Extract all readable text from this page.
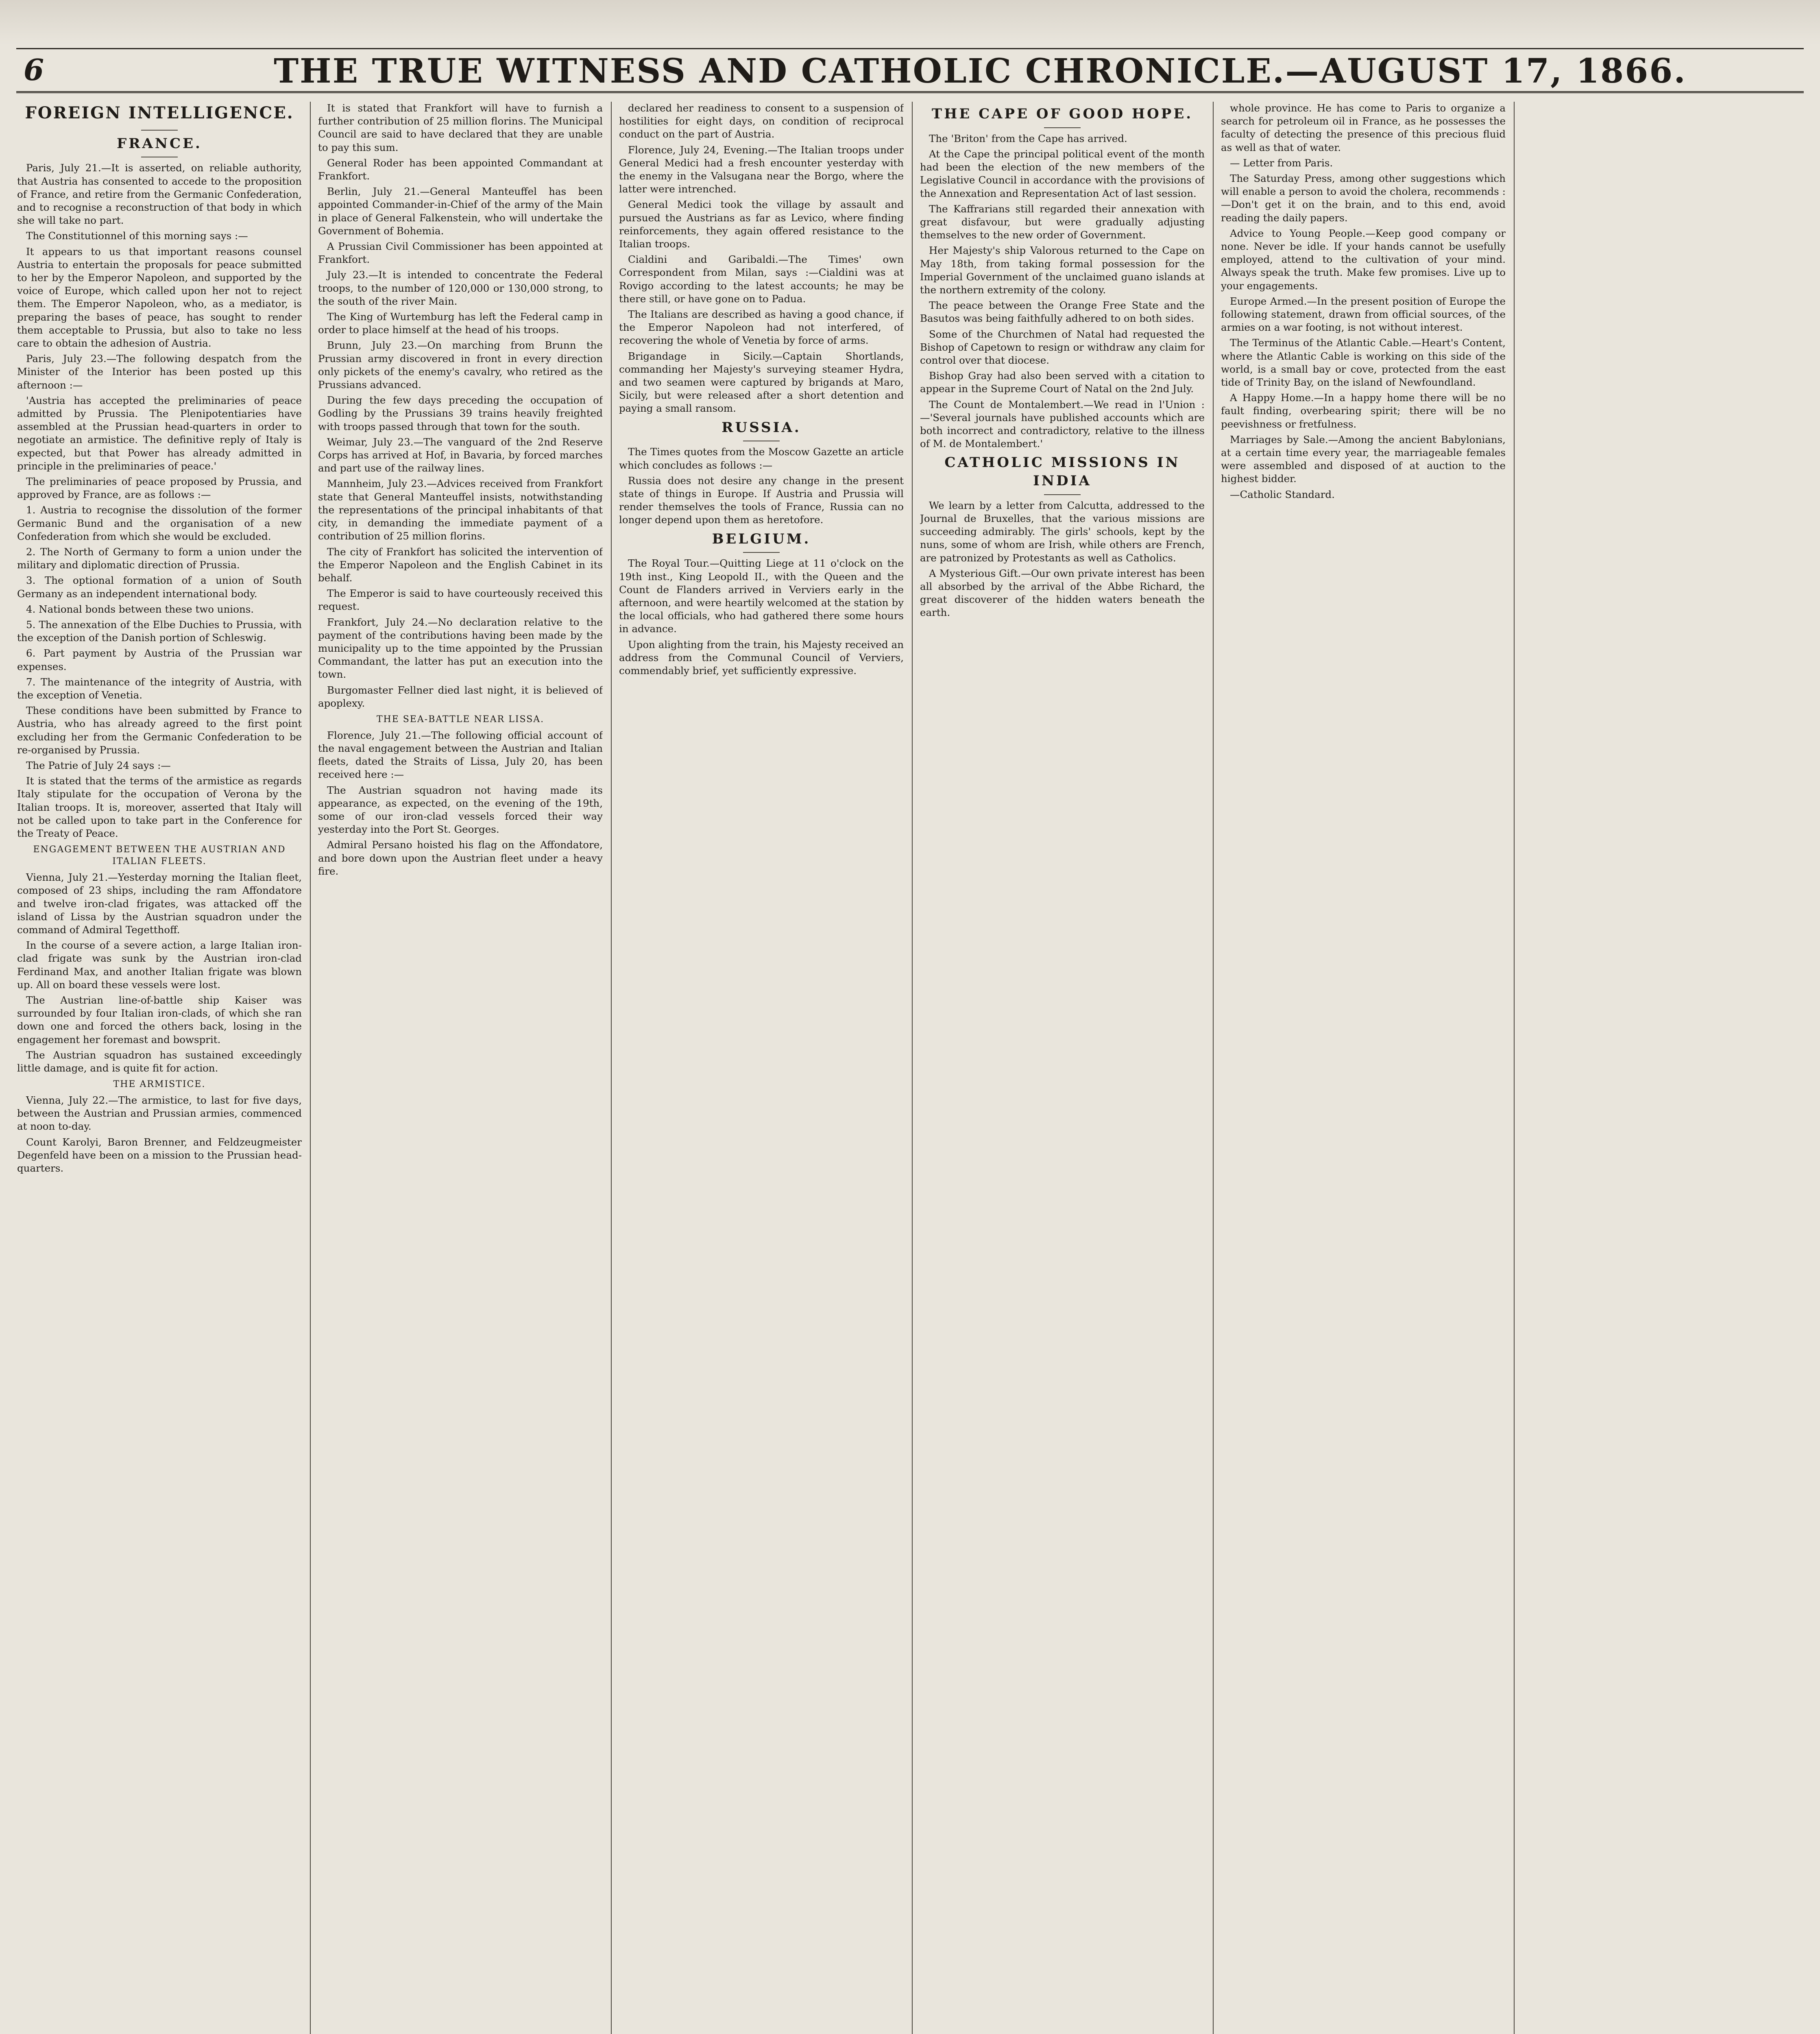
6	THE TRUE WITNESS AND CATHOLIC CHRONICLE.—AUGUST 17, 1866.
FOREIGN INTELLIGENCE.
FRANCE.

Paris, July 21.—It is asserted, on reliable authority, that Austria has consented to accede to the proposition of France, and retire from the Germanic Confederation, and to recognise a reconstruction of that body in which she will take no part.

The Constitutionnel of this morning says :—

It appears to us that important reasons counsel Austria to entertain the proposals for peace submitted to her by the Emperor Napoleon, and supported by the voice of Europe, which called upon her not to reject them. The Emperor Napoleon, who, as a mediator, is preparing the bases of peace, has sought to render them acceptable to Prussia, but also to take no less care to obtain the adhesion of Austria.

Paris, July 23.—The following despatch from the Minister of the Interior has been posted up this afternoon :—

'Austria has accepted the preliminaries of peace admitted by Prussia. The Plenipotentiaries have assembled at the Prussian head-quarters in order to negotiate an armistice. The definitive reply of Italy is expected, but that Power has already admitted in principle in the preliminaries of peace.'

The preliminaries of peace proposed by Prussia, and approved by France, are as follows :—

1. Austria to recognise the dissolution of the former Germanic Bund and the organisation of a new Confederation from which she would be excluded.

2. The North of Germany to form a union under the military and diplomatic direction of Prussia.

3. The optional formation of a union of South Germany as an independent international body.

4. National bonds between these two unions.

5. The annexation of the Elbe Duchies to Prussia, with the exception of the Danish portion of Schleswig.

6. Part payment by Austria of the Prussian war expenses.

7. The maintenance of the integrity of Austria, with the exception of Venetia.

These conditions have been submitted by France to Austria, who has already agreed to the first point excluding her from the Germanic Confederation to be re-organised by Prussia.

The Patrie of July 24 says :—

It is stated that the terms of the armistice as regards Italy stipulate for the occupation of Verona by the Italian troops. It is, moreover, asserted that Italy will not be called upon to take part in the Conference for the Treaty of Peace.

ENGAGEMENT BETWEEN THE AUSTRIAN AND ITALIAN FLEETS.

Vienna, July 21.—Yesterday morning the Italian fleet, composed of 23 ships, including the ram Affondatore and twelve iron-clad frigates, was attacked off the island of Lissa by the Austrian squadron under the command of Admiral Tegetthoff.

In the course of a severe action, a large Italian iron-clad frigate was sunk by the Austrian iron-clad Ferdinand Max, and another Italian frigate was blown up. All on board these vessels were lost.

The Austrian line-of-battle ship Kaiser was surrounded by four Italian iron-clads, of which she ran down one and forced the others back, losing in the engagement her foremast and bowsprit.

The Austrian squadron has sustained exceedingly little damage, and is quite fit for action.

THE ARMISTICE.

Vienna, July 22.—The armistice, to last for five days, between the Austrian and Prussian armies, commenced at noon to-day.

Count Karolyi, Baron Brenner, and Feldzeugmeister Degenfeld have been on a mission to the Prussian head-quarters.

It is stated that Frankfort will have to furnish a further contribution of 25 million florins. The Municipal Council are said to have declared that they are unable to pay this sum.

General Roder has been appointed Commandant at Frankfort.

Berlin, July 21.—General Manteuffel has been appointed Commander-in-Chief of the army of the Main in place of General Falkenstein, who will undertake the Government of Bohemia.

A Prussian Civil Commissioner has been appointed at Frankfort.

July 23.—It is intended to concentrate the Federal troops, to the number of 120,000 or 130,000 strong, to the south of the river Main.

The King of Wurtemburg has left the Federal camp in order to place himself at the head of his troops.

Brunn, July 23.—On marching from Brunn the Prussian army discovered in front in every direction only pickets of the enemy's cavalry, who retired as the Prussians advanced.

During the few days preceding the occupation of Godling by the Prussians 39 trains heavily freighted with troops passed through that town for the south.

Weimar, July 23.—The vanguard of the 2nd Reserve Corps has arrived at Hof, in Bavaria, by forced marches and part use of the railway lines.

Mannheim, July 23.—Advices received from Frankfort state that General Manteuffel insists, notwithstanding the representations of the principal inhabitants of that city, in demanding the immediate payment of a contribution of 25 million florins.

The city of Frankfort has solicited the intervention of the Emperor Napoleon and the English Cabinet in its behalf.

The Emperor is said to have courteously received this request.

Frankfort, July 24.—No declaration relative to the payment of the contributions having been made by the municipality up to the time appointed by the Prussian Commandant, the latter has put an execution into the town.

Burgomaster Fellner died last night, it is believed of apoplexy.

THE SEA-BATTLE NEAR LISSA.

Florence, July 21.—The following official account of the naval engagement between the Austrian and Italian fleets, dated the Straits of Lissa, July 20, has been received here :—

The Austrian squadron not having made its appearance, as expected, on the evening of the 19th, some of our iron-clad vessels forced their way yesterday into the Port St. Georges.

Admiral Persano hoisted his flag on the Affondatore, and bore down upon the Austrian fleet under a heavy fire.

declared her readiness to consent to a suspension of hostilities for eight days, on condition of reciprocal conduct on the part of Austria.

Florence, July 24, Evening.—The Italian troops under General Medici had a fresh encounter yesterday with the enemy in the Valsugana near the Borgo, where the latter were intrenched.

General Medici took the village by assault and pursued the Austrians as far as Levico, where finding reinforcements, they again offered resistance to the Italian troops.

Cialdini and Garibaldi.—The Times' own Correspondent from Milan, says :—Cialdini was at Rovigo according to the latest accounts; he may be there still, or have gone on to Padua.

The Italians are described as having a good chance, if the Emperor Napoleon had not interfered, of recovering the whole of Venetia by force of arms.

Brigandage in Sicily.—Captain Shortlands, commanding her Majesty's surveying steamer Hydra, and two seamen were captured by brigands at Maro, Sicily, but were released after a short detention and paying a small ransom.

RUSSIA.

The Times quotes from the Moscow Gazette an article which concludes as follows :—

Russia does not desire any change in the present state of things in Europe. If Austria and Prussia will render themselves the tools of France, Russia can no longer depend upon them as heretofore.

BELGIUM.

The Royal Tour.—Quitting Liege at 11 o'clock on the 19th inst., King Leopold II., with the Queen and the Count de Flanders arrived in Verviers early in the afternoon, and were heartily welcomed at the station by the local officials, who had gathered there some hours in advance.

Upon alighting from the train, his Majesty received an address from the Communal Council of Verviers, commendably brief, yet sufficiently expressive.

THE CAPE OF GOOD HOPE.

The 'Briton' from the Cape has arrived.

At the Cape the principal political event of the month had been the election of the new members of the Legislative Council in accordance with the provisions of the Annexation and Representation Act of last session.

The Kaffrarians still regarded their annexation with great disfavour, but were gradually adjusting themselves to the new order of Government.

Her Majesty's ship Valorous returned to the Cape on May 18th, from taking formal possession for the Imperial Government of the unclaimed guano islands at the northern extremity of the colony.

The peace between the Orange Free State and the Basutos was being faithfully adhered to on both sides.

Some of the Churchmen of Natal had requested the Bishop of Capetown to resign or withdraw any claim for control over that diocese.

Bishop Gray had also been served with a citation to appear in the Supreme Court of Natal on the 2nd July.

The Count de Montalembert.—We read in l'Union :—'Several journals have published accounts which are both incorrect and contradictory, relative to the illness of M. de Montalembert.'

CATHOLIC MISSIONS IN INDIA

We learn by a letter from Calcutta, addressed to the Journal de Bruxelles, that the various missions are succeeding admirably. The girls' schools, kept by the nuns, some of whom are Irish, while others are French, are patronized by Protestants as well as Catholics.

A Mysterious Gift.—Our own private interest has been all absorbed by the arrival of the Abbe Richard, the great discoverer of the hidden waters beneath the earth.

whole province. He has come to Paris to organize a search for petroleum oil in France, as he possesses the faculty of detecting the presence of this precious fluid as well as that of water.

— Letter from Paris.

The Saturday Press, among other suggestions which will enable a person to avoid the cholera, recommends :—Don't get it on the brain, and to this end, avoid reading the daily papers.

Advice to Young People.—Keep good company or none. Never be idle. If your hands cannot be usefully employed, attend to the cultivation of your mind. Always speak the truth. Make few promises. Live up to your engagements.

Europe Armed.—In the present position of Europe the following statement, drawn from official sources, of the armies on a war footing, is not without interest.

The Terminus of the Atlantic Cable.—Heart's Content, where the Atlantic Cable is working on this side of the world, is a small bay or cove, protected from the east tide of Trinity Bay, on the island of Newfoundland.

A Happy Home.—In a happy home there will be no fault finding, overbearing spirit; there will be no peevishness or fretfulness.

Marriages by Sale.—Among the ancient Babylonians, at a certain time every year, the marriageable females were assembled and disposed of at auction to the highest bidder.

—Catholic Standard.
